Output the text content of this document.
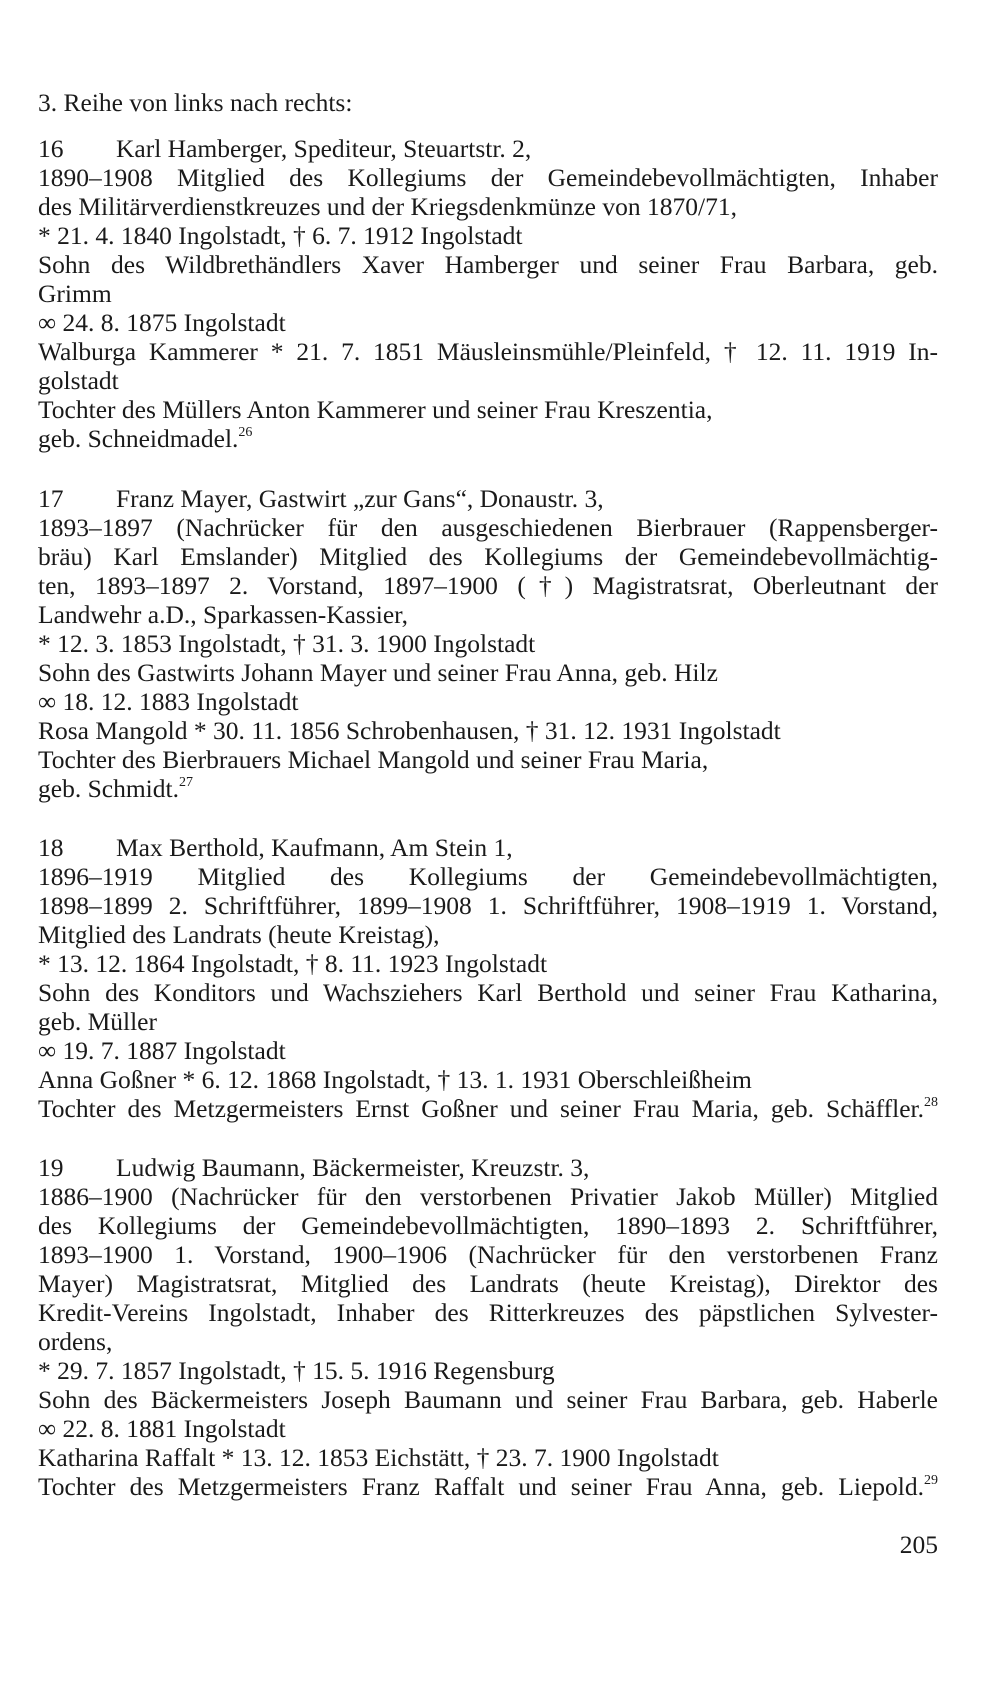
3. Reihe von links nach rechts:
16 Karl Hamberger, Spediteur, Steuartstr. 2,
1890–1908 Mitglied des Kollegiums der Gemeindebevollmächtigten, Inhaber
des Militärverdienstkreuzes und der Kriegsdenkmünze von 1870/71,
* 21. 4. 1840 Ingolstadt, † 6. 7. 1912 Ingolstadt
Sohn des Wildbrethändlers Xaver Hamberger und seiner Frau Barbara, geb.
Grimm
∞ 24. 8. 1875 Ingolstadt
Walburga Kammerer * 21. 7. 1851 Mäusleinsmühle/Pleinfeld, † 12. 11. 1919 In-
golstadt
Tochter des Müllers Anton Kammerer und seiner Frau Kreszentia,
geb. Schneidmadel.$^{26}$
17 Franz Mayer, Gastwirt „zur Gans“, Donaustr. 3,
1893–1897 (Nachrücker für den ausgeschiedenen Bierbrauer (Rappensberger-
bräu) Karl Emslander) Mitglied des Kollegiums der Gemeindebevollmächtig-
ten, 1893–1897 2. Vorstand, 1897–1900 (†) Magistratsrat, Oberleutnant der
Landwehr a.D., Sparkassen-Kassier,
* 12. 3. 1853 Ingolstadt, † 31. 3. 1900 Ingolstadt
Sohn des Gastwirts Johann Mayer und seiner Frau Anna, geb. Hilz
∞ 18. 12. 1883 Ingolstadt
Rosa Mangold * 30. 11. 1856 Schrobenhausen, † 31. 12. 1931 Ingolstadt
Tochter des Bierbrauers Michael Mangold und seiner Frau Maria,
geb. Schmidt.$^{27}$
18 Max Berthold, Kaufmann, Am Stein 1,
1896–1919 Mitglied des Kollegiums der Gemeindebevollmächtigten,
1898–1899 2. Schriftführer, 1899–1908 1. Schriftführer, 1908–1919 1. Vorstand,
Mitglied des Landrats (heute Kreistag),
* 13. 12. 1864 Ingolstadt, † 8. 11. 1923 Ingolstadt
Sohn des Konditors und Wachsziehers Karl Berthold und seiner Frau Katharina,
geb. Müller
∞ 19. 7. 1887 Ingolstadt
Anna Goßner * 6. 12. 1868 Ingolstadt, † 13. 1. 1931 Oberschleißheim
Tochter des Metzgermeisters Ernst Goßner und seiner Frau Maria, geb. Schäffler.$^{28}$
19 Ludwig Baumann, Bäckermeister, Kreuzstr. 3,
1886–1900 (Nachrücker für den verstorbenen Privatier Jakob Müller) Mitglied
des Kollegiums der Gemeindebevollmächtigten, 1890–1893 2. Schriftführer,
1893–1900 1. Vorstand, 1900–1906 (Nachrücker für den verstorbenen Franz
Mayer) Magistratsrat, Mitglied des Landrats (heute Kreistag), Direktor des
Kredit-Vereins Ingolstadt, Inhaber des Ritterkreuzes des päpstlichen Sylvester-
ordens,
* 29. 7. 1857 Ingolstadt, † 15. 5. 1916 Regensburg
Sohn des Bäckermeisters Joseph Baumann und seiner Frau Barbara, geb. Haberle
∞ 22. 8. 1881 Ingolstadt
Katharina Raffalt * 13. 12. 1853 Eichstätt, † 23. 7. 1900 Ingolstadt
Tochter des Metzgermeisters Franz Raffalt und seiner Frau Anna, geb. Liepold.$^{29}$
205
